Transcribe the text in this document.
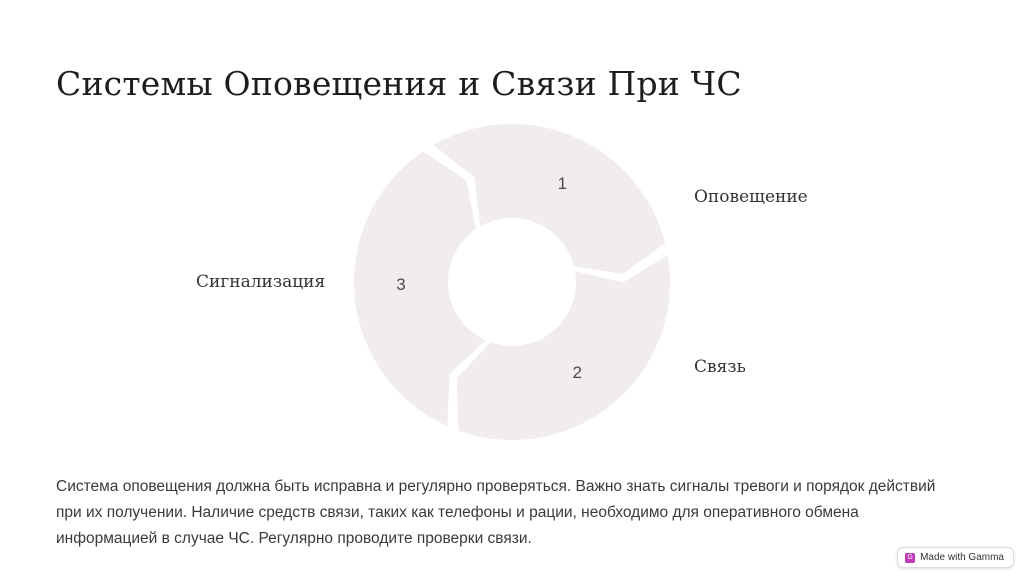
Системы Оповещения и Связи При ЧС
1
2
3
Сигнализация
Оповещение
Связь

Система оповещения должна быть исправна и регулярно проверяться. Важно знать сигналы тревоги и порядок действий при их получении. Наличие средств связи, таких как телефоны и рации, необходимо для оперативного обмена информацией в случае ЧС. Регулярно проводите проверки связи.

G Made with Gamma
